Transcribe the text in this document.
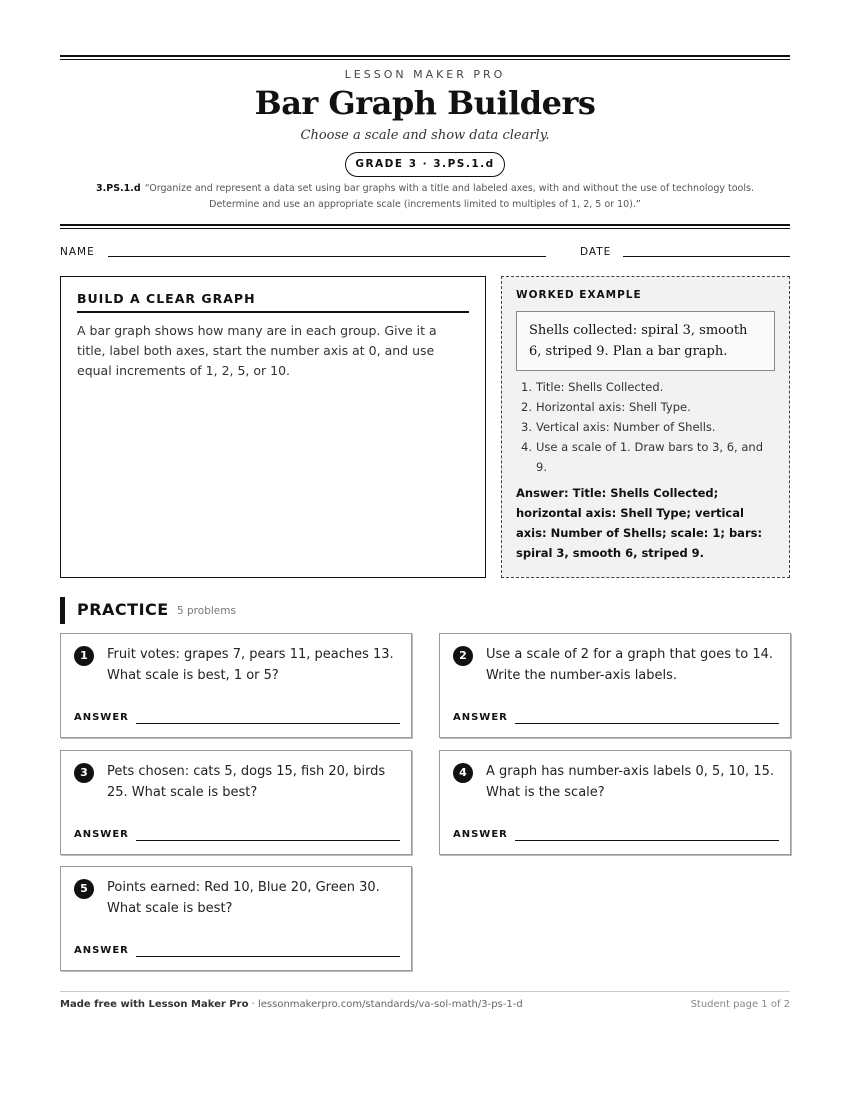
LESSON MAKER PRO
Bar Graph Builders
Choose a scale and show data clearly.
GRADE 3 · 3.PS.1.d
3.PS.1.d “Organize and represent a data set using bar graphs with a title and labeled axes, with and without the use of technology tools. Determine and use an appropriate scale (increments limited to multiples of 1, 2, 5 or 10).”
NAME	DATE
BUILD A CLEAR GRAPH
A bar graph shows how many are in each group. Give it a title, label both axes, start the number axis at 0, and use equal increments of 1, 2, 5, or 10.
WORKED EXAMPLE
Shells collected: spiral 3, smooth 6, striped 9. Plan a bar graph.
1. Title: Shells Collected.
2. Horizontal axis: Shell Type.
3. Vertical axis: Number of Shells.
4. Use a scale of 1. Draw bars to 3, 6, and 9.
Answer: Title: Shells Collected; horizontal axis: Shell Type; vertical axis: Number of Shells; scale: 1; bars: spiral 3, smooth 6, striped 9.
PRACTICE 5 problems
1	Fruit votes: grapes 7, pears 11, peaches 13. What scale is best, 1 or 5?
ANSWER
2	Use a scale of 2 for a graph that goes to 14. Write the number-axis labels.
ANSWER
3	Pets chosen: cats 5, dogs 15, fish 20, birds 25. What scale is best?
ANSWER
4	A graph has number-axis labels 0, 5, 10, 15. What is the scale?
ANSWER
5	Points earned: Red 10, Blue 20, Green 30. What scale is best?
ANSWER
Made free with Lesson Maker Pro · lessonmakerpro.com/standards/va-sol-math/3-ps-1-d	Student page 1 of 2
